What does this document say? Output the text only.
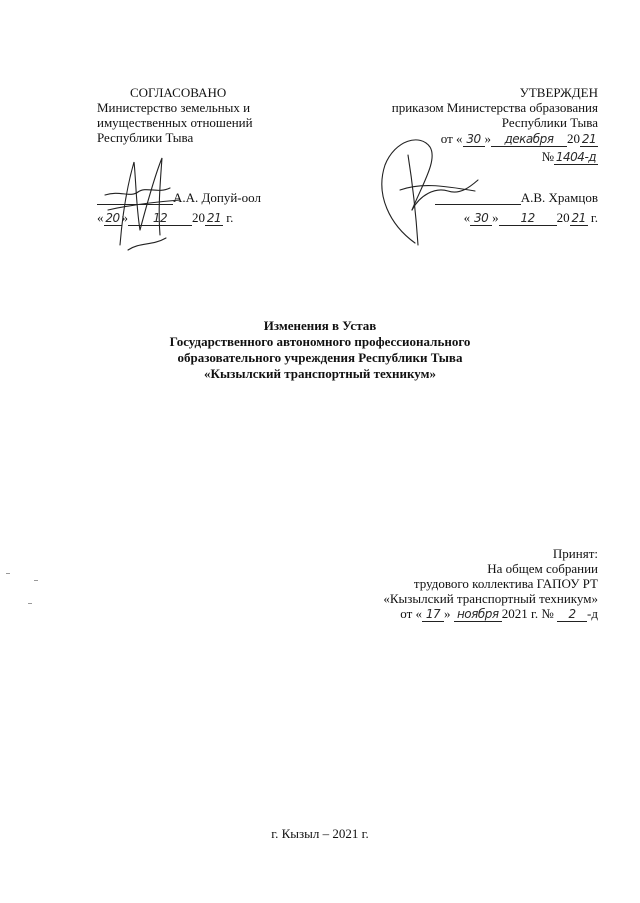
СОГЛАСОВАНО
Министерство земельных и
имущественных отношений
Республики Тыва
А.А. Допуй-оол
« 20 » 12 20 21 г.
УТВЕРЖДЕН
приказом Министерства образования
Республики Тыва
от « 30 » декабря 20 21
№ 1404-д
А.В. Храмцов
« 30 » 12 20 21 г.
Изменения в Устав
Государственного автономного профессионального
образовательного учреждения Республики Тыва
«Кызылский транспортный техникум»
Принят:
На общем собрании
трудового коллектива ГАПОУ РТ
«Кызылский транспортный техникум»
от « 17 » ноября 2021 г. № 2 -д
г. Кызыл – 2021 г.
